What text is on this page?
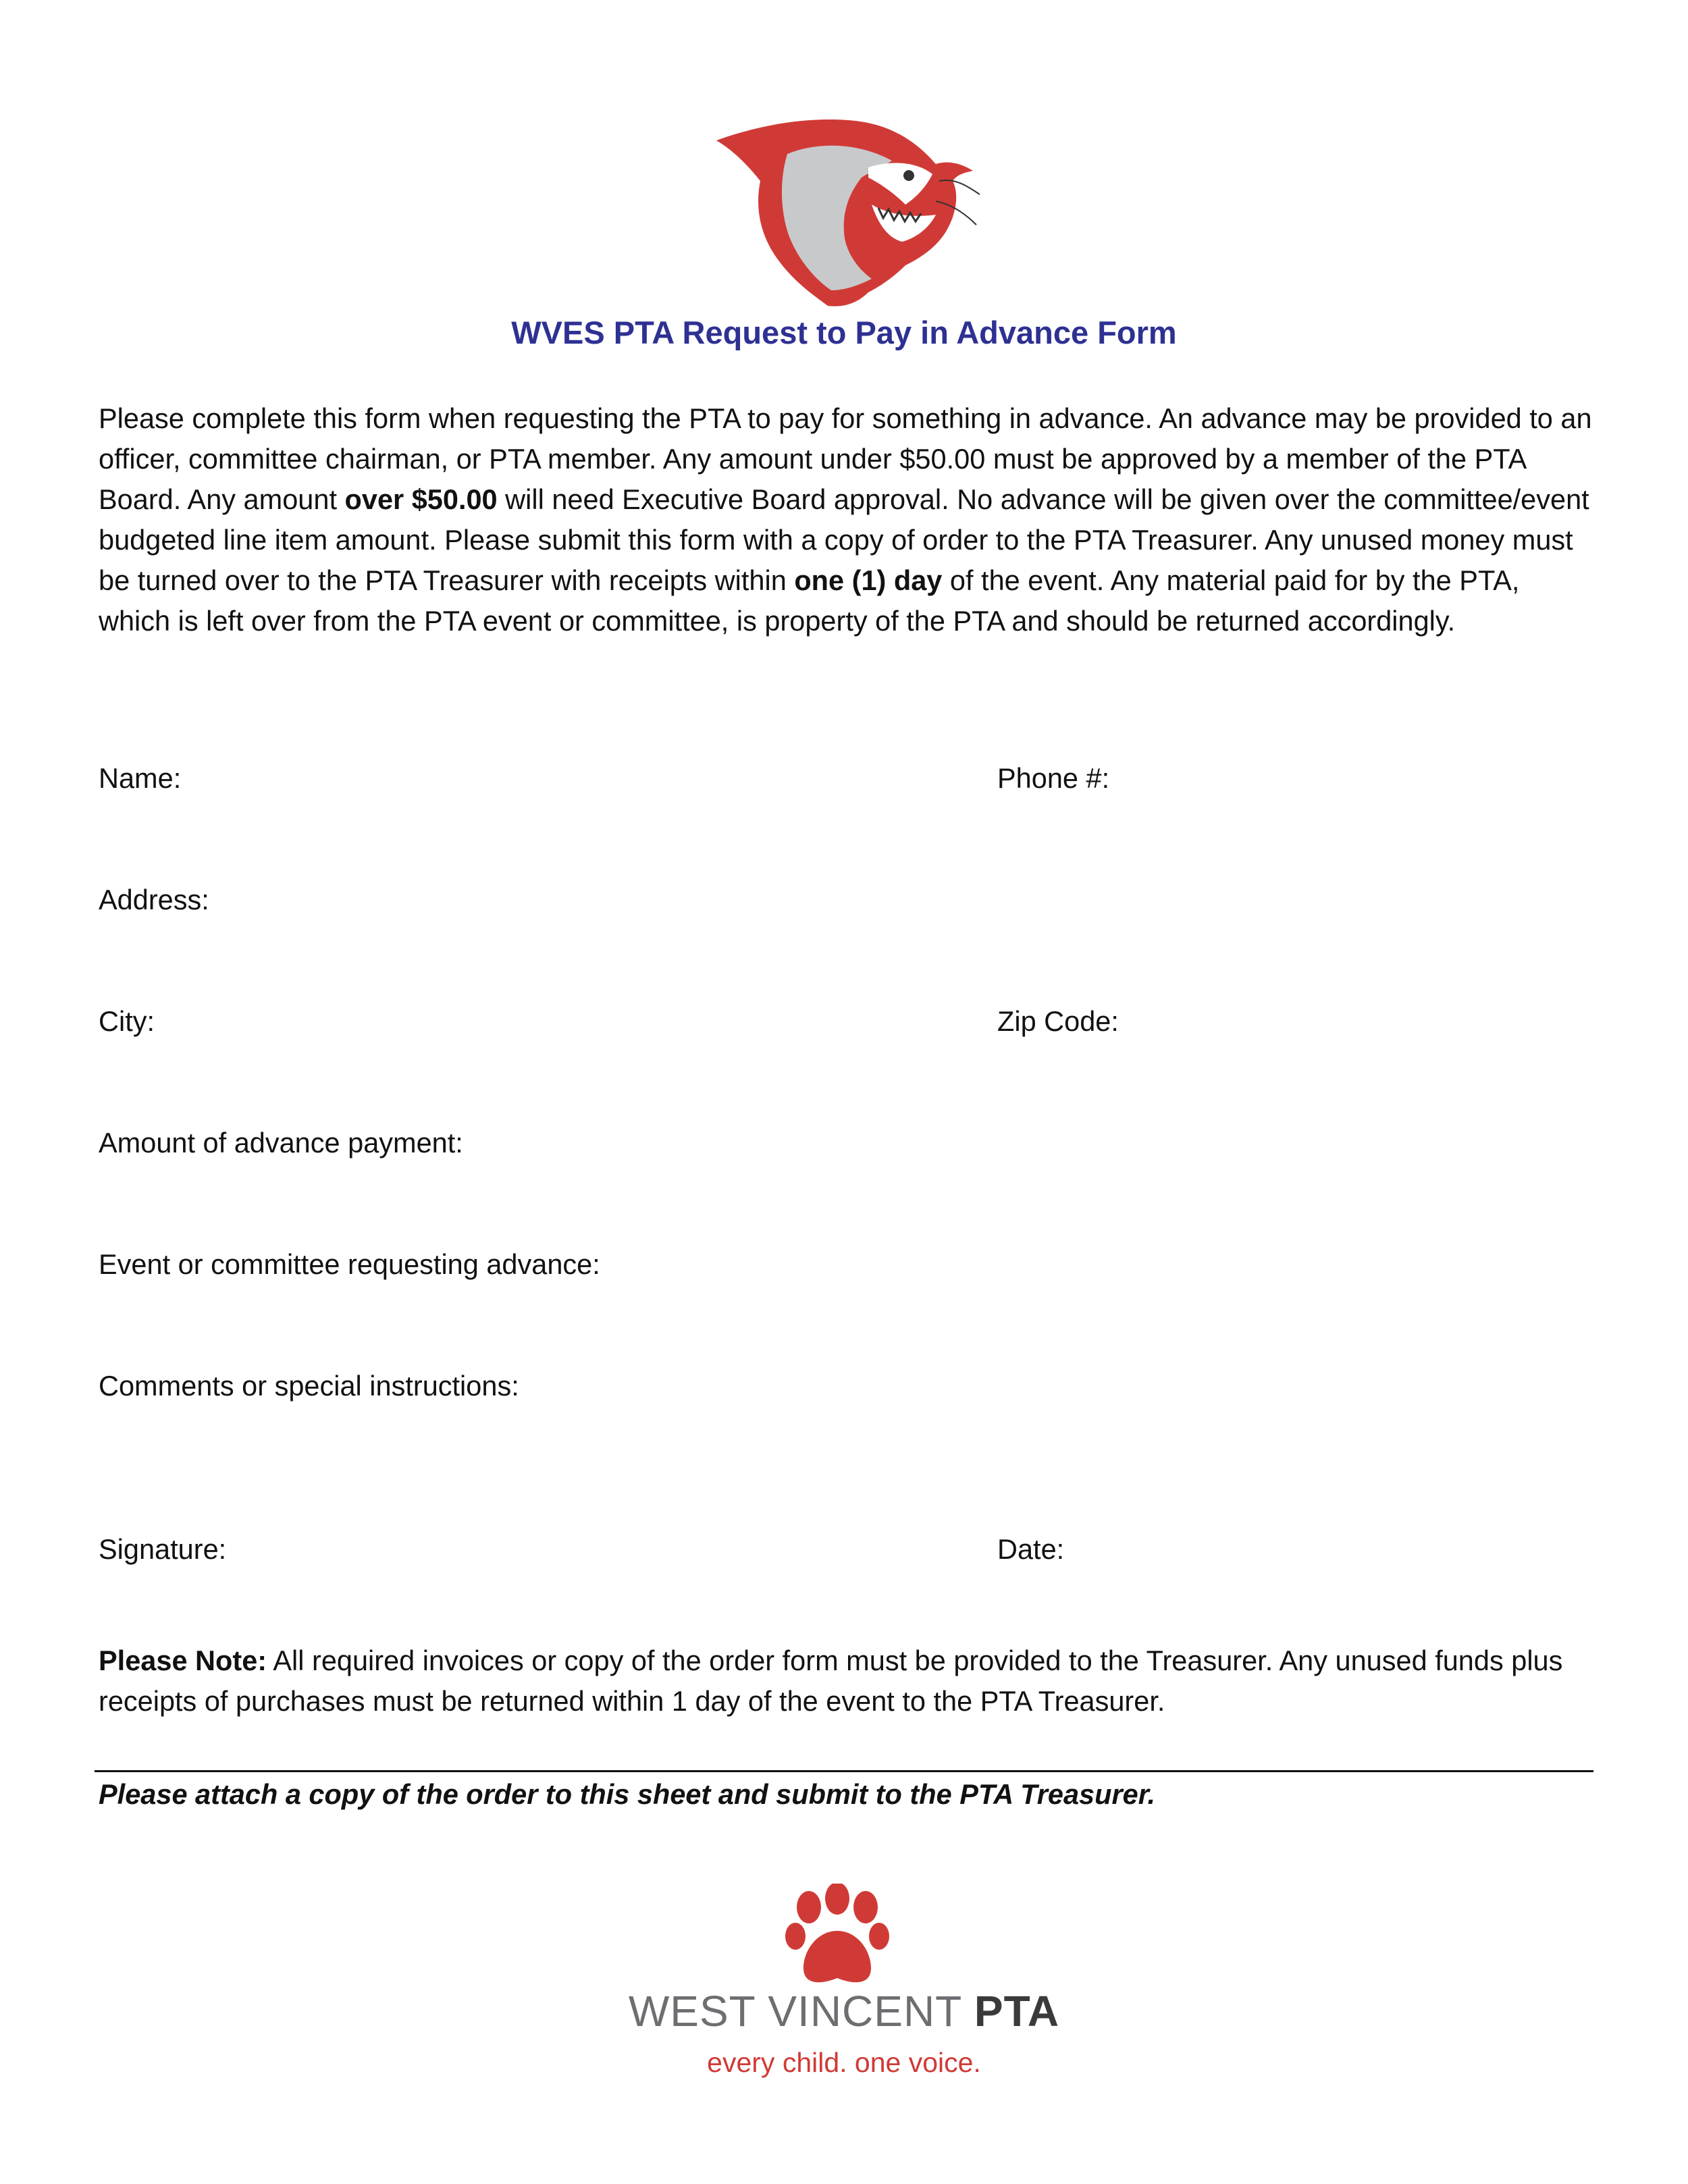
WVES PTA Request to Pay in Advance Form

Please complete this form when requesting the PTA to pay for something in advance. An advance may be provided to an officer, committee chairman, or PTA member. Any amount under $50.00 must be approved by a member of the PTA Board. Any amount over $50.00 will need Executive Board approval. No advance will be given over the committee/event budgeted line item amount. Please submit this form with a copy of order to the PTA Treasurer. Any unused money must be turned over to the PTA Treasurer with receipts within one (1) day of the event. Any material paid for by the PTA, which is left over from the PTA event or committee, is property of the PTA and should be returned accordingly.

Name:	Phone #:
Address:
City:	Zip Code:
Amount of advance payment:
Event or committee requesting advance:
Comments or special instructions:
Signature:	Date:

Please Note: All required invoices or copy of the order form must be provided to the Treasurer. Any unused funds plus receipts of purchases must be returned within 1 day of the event to the PTA Treasurer.

Please attach a copy of the order to this sheet and submit to the PTA Treasurer.
WEST VINCENT PTA
every child. one voice.
